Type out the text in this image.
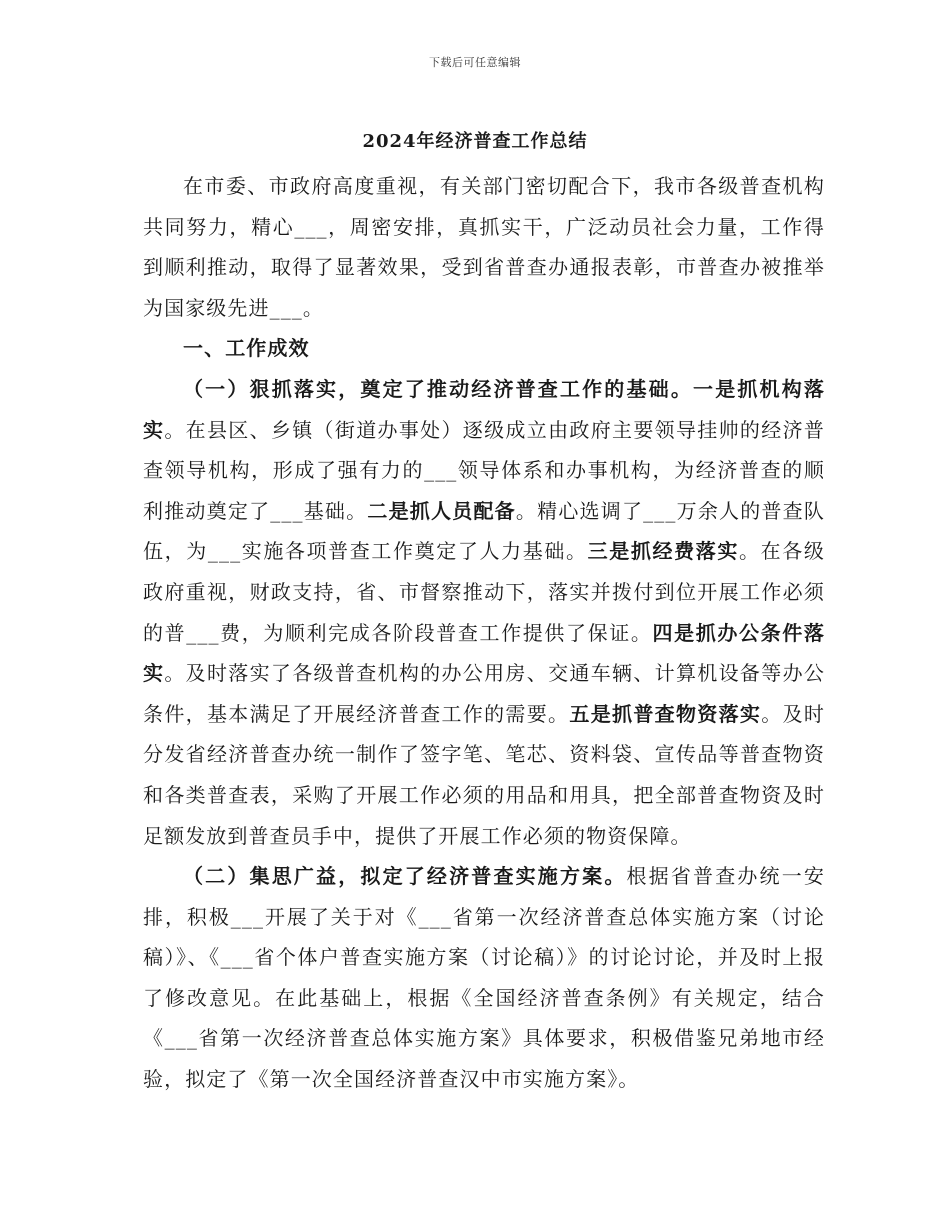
下载后可任意编辑
2024年经济普查工作总结

在市委、市政府高度重视，有关部门密切配合下，我市各级普查机构共同努力，精心___，周密安排，真抓实干，广泛动员社会力量，工作得到顺利推动，取得了显著效果，受到省普查办通报表彰，市普查办被推举为国家级先进___。

一、工作成效

（一）狠抓落实，奠定了推动经济普查工作的基础。一是抓机构落实。在县区、乡镇（街道办事处）逐级成立由政府主要领导挂帅的经济普查领导机构，形成了强有力的___领导体系和办事机构，为经济普查的顺利推动奠定了___基础。二是抓人员配备。精心选调了___万余人的普查队伍，为___实施各项普查工作奠定了人力基础。三是抓经费落实。在各级政府重视，财政支持，省、市督察推动下，落实并拨付到位开展工作必须的普___费，为顺利完成各阶段普查工作提供了保证。四是抓办公条件落实。及时落实了各级普查机构的办公用房、交通车辆、计算机设备等办公条件，基本满足了开展经济普查工作的需要。五是抓普查物资落实。及时分发省经济普查办统一制作了签字笔、笔芯、资料袋、宣传品等普查物资和各类普查表，采购了开展工作必须的用品和用具，把全部普查物资及时足额发放到普查员手中，提供了开展工作必须的物资保障。

（二）集思广益，拟定了经济普查实施方案。根据省普查办统一安排，积极___开展了关于对《___省第一次经济普查总体实施方案（讨论稿）》、《___省个体户普查实施方案（讨论稿）》的讨论讨论，并及时上报了修改意见。在此基础上，根据《全国经济普查条例》有关规定，结合《___省第一次经济普查总体实施方案》具体要求，积极借鉴兄弟地市经验，拟定了《第一次全国经济普查汉中市实施方案》。
